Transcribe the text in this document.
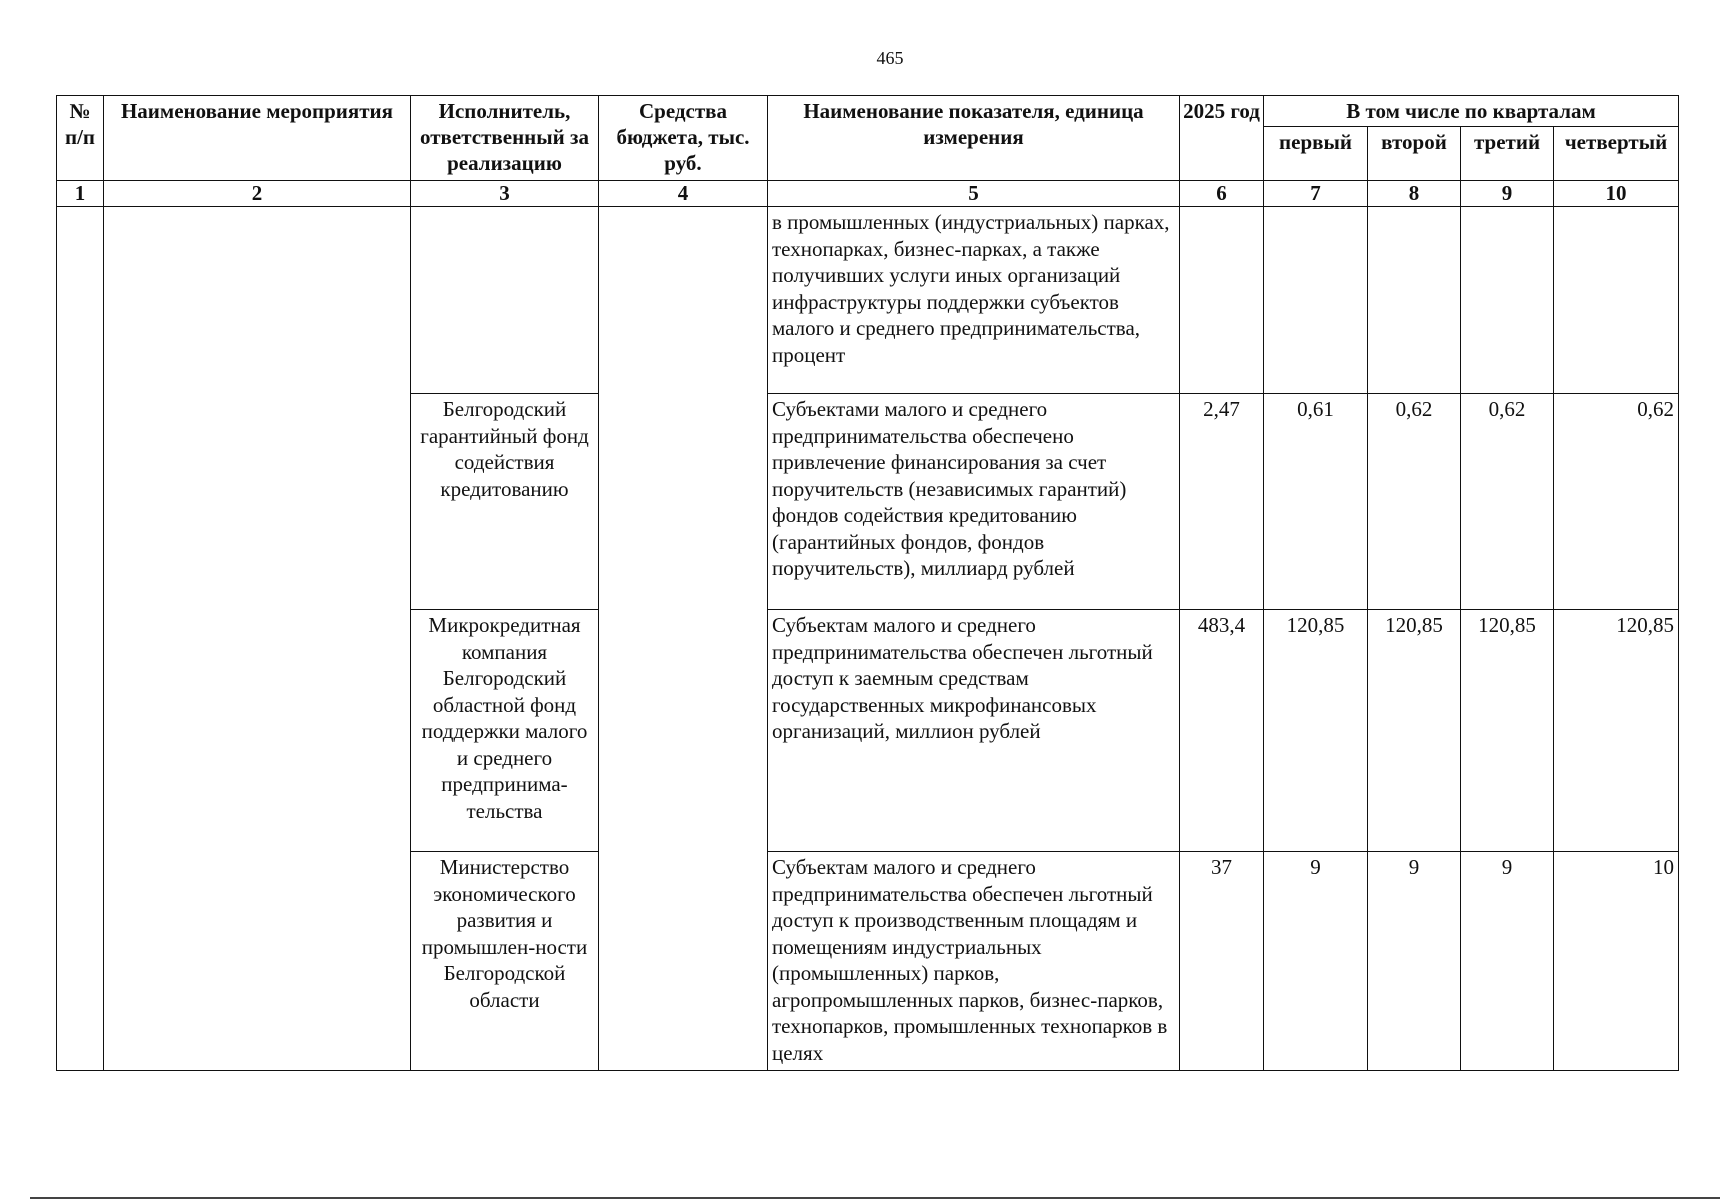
465
№ п/п	Наименование мероприятия	Исполнитель, ответственный за реализацию	Средства бюджета, тыс. руб.	Наименование показателя, единица измерения	2025 год	В том числе по кварталам			
						первый	второй	третий	четвертый
1	2	3	4	5	6	7	8	9	10
				в промышленных (индустриальных) парках, технопарках, бизнес-парках, а также получивших услуги иных организаций инфраструктуры поддержки субъектов малого и среднего предпринимательства, процент					
		Белгородский гарантийный фонд содействия кредитованию		Субъектами малого и среднего предпринимательства обеспечено привлечение финансирования за счет поручительств (независимых гарантий) фондов содействия кредитованию (гарантийных фондов, фондов поручительств), миллиард рублей	2,47	0,61	0,62	0,62	0,62
		Микрокредитная компания Белгородский областной фонд поддержки малого и среднего предпринима-тельства		Субъектам малого и среднего предпринимательства обеспечен льготный доступ к заемным средствам государственных микрофинансовых организаций, миллион рублей	483,4	120,85	120,85	120,85	120,85
		Министерство экономического развития и промышлен-ности Белгородской области		Субъектам малого и среднего предпринимательства обеспечен льготный доступ к производственным площадям и помещениям индустриальных (промышленных) парков, агропромышленных парков, бизнес-парков, технопарков, промышленных технопарков в целях	37	9	9	9	10
